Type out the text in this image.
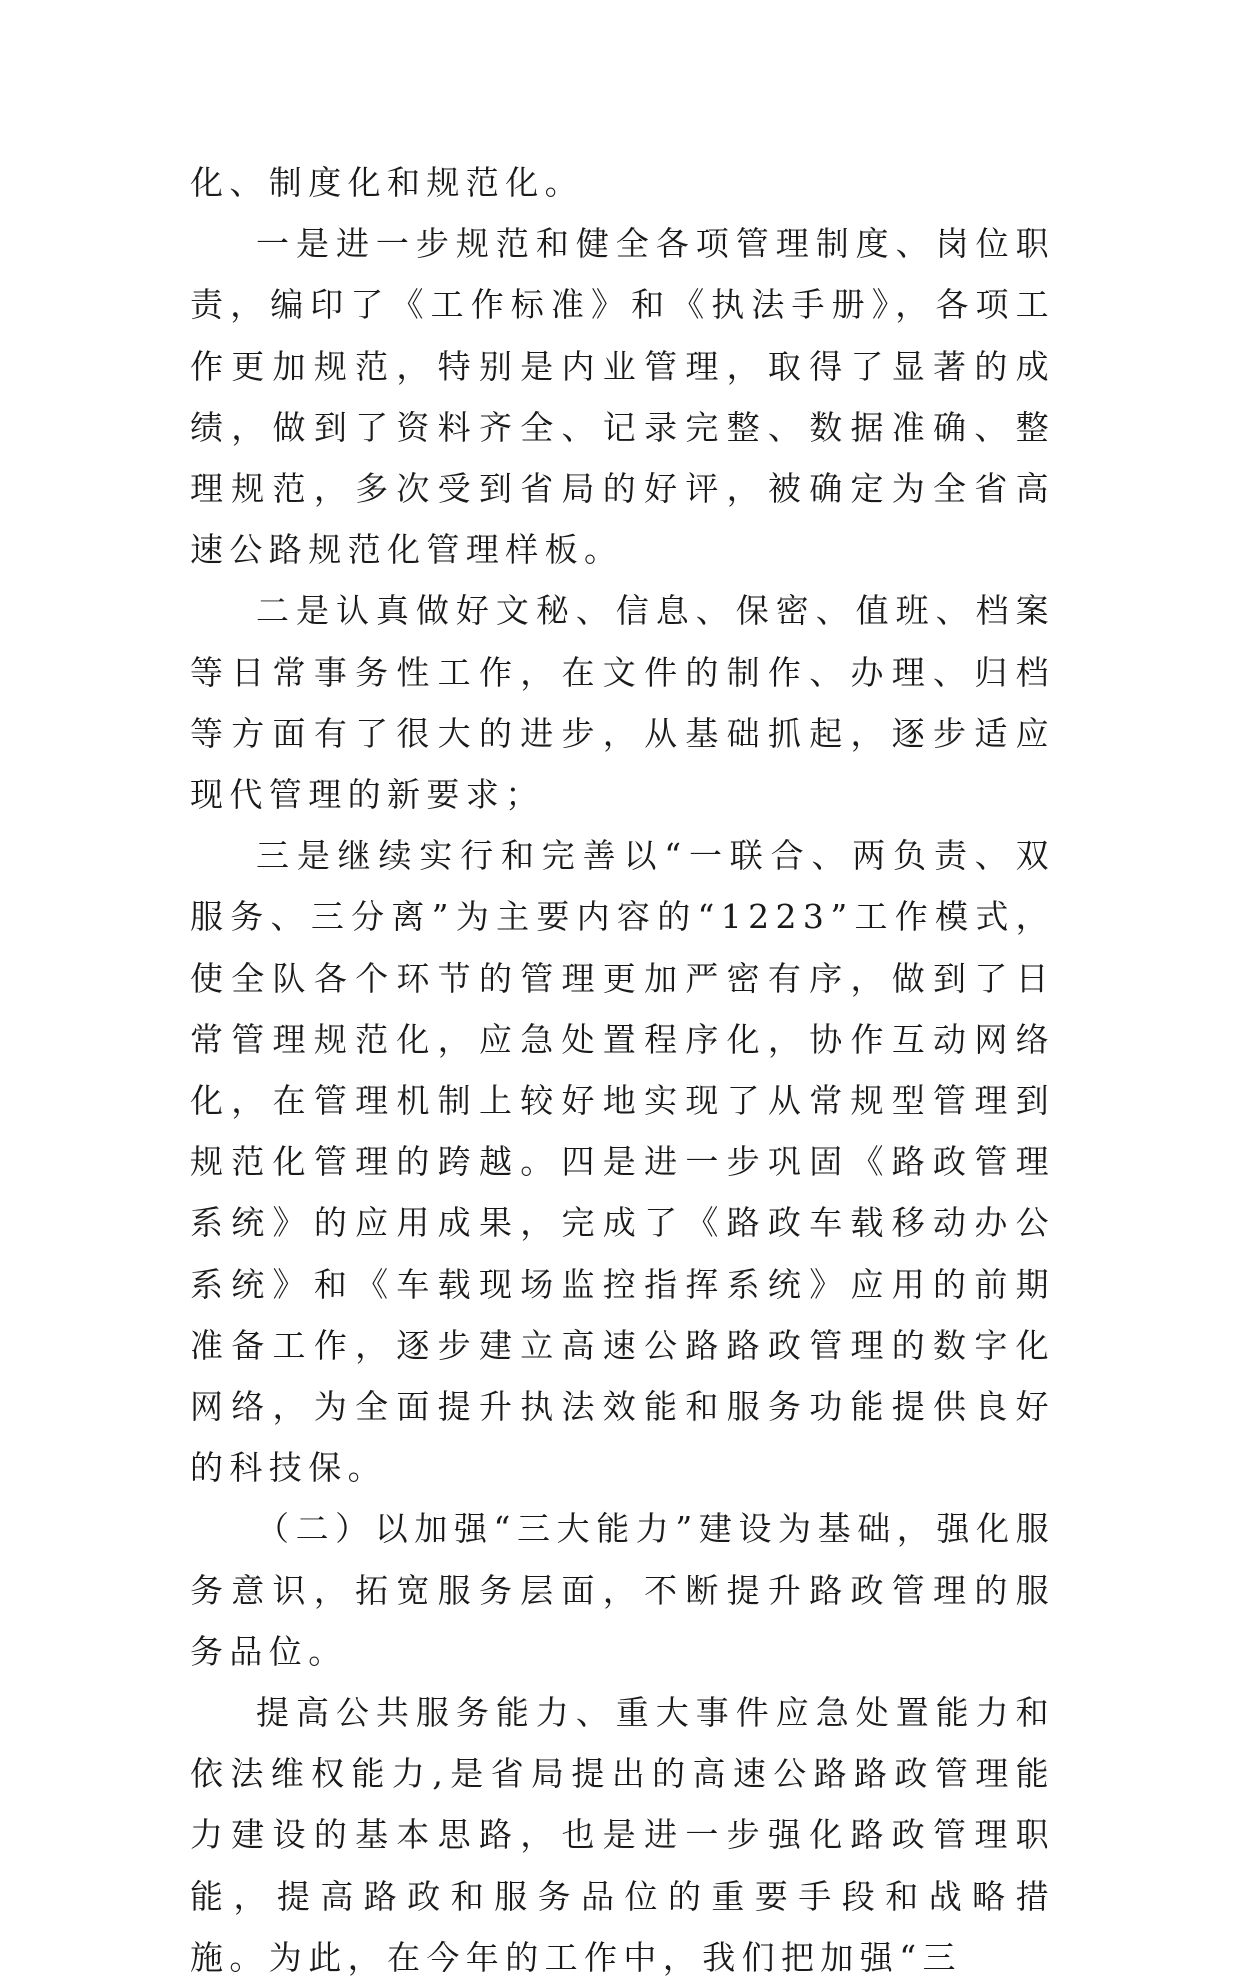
化、制度化和规范化。

一是进一步规范和健全各项管理制度、岗位职责，编印了《工作标准》和《执法手册》，各项工作更加规范，特别是内业管理，取得了显著的成绩，做到了资料齐全、记录完整、数据准确、整理规范，多次受到省局的好评，被确定为全省高速公路规范化管理样板。

二是认真做好文秘、信息、保密、值班、档案等日常事务性工作，在文件的制作、办理、归档等方面有了很大的进步，从基础抓起，逐步适应现代管理的新要求；

三是继续实行和完善以“一联合、两负责、双服务、三分离”为主要内容的“1223”工作模式，使全队各个环节的管理更加严密有序，做到了日常管理规范化，应急处置程序化，协作互动网络化，在管理机制上较好地实现了从常规型管理到规范化管理的跨越。四是进一步巩固《路政管理系统》的应用成果，完成了《路政车载移动办公系统》和《车载现场监控指挥系统》应用的前期准备工作，逐步建立高速公路路政管理的数字化网络，为全面提升执法效能和服务功能提供良好的科技保。

（二）以加强“三大能力”建设为基础，强化服务意识，拓宽服务层面，不断提升路政管理的服务品位。

提高公共服务能力、重大事件应急处置能力和依法维权能力,是省局提出的高速公路路政管理能力建设的基本思路，也是进一步强化路政管理职能，提高路政和服务品位的重要手段和战略措施。为此，在今年的工作中，我们把加强“三
